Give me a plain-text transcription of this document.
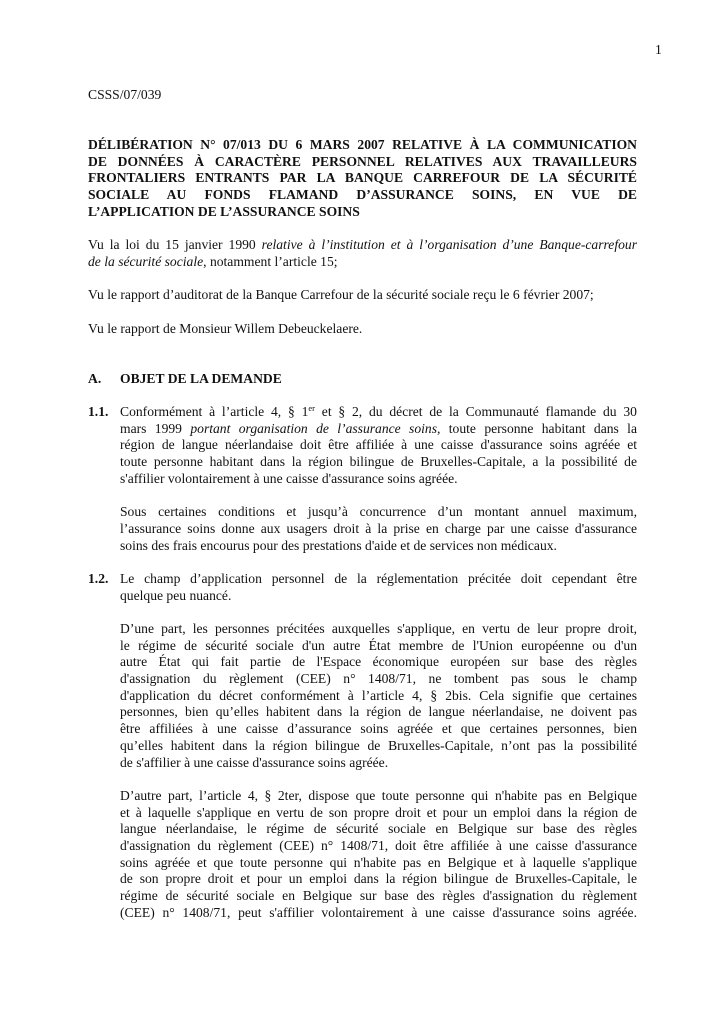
1
CSSS/07/039
DÉLIBÉRATION N° 07/013 DU 6 MARS 2007 RELATIVE À LA COMMUNICATION
DE DONNÉES À CARACTÈRE PERSONNEL RELATIVES AUX TRAVAILLEURS
FRONTALIERS ENTRANTS PAR LA BANQUE CARREFOUR DE LA SÉCURITÉ
SOCIALE AU FONDS FLAMAND D’ASSURANCE SOINS, EN VUE DE
L’APPLICATION DE L’ASSURANCE SOINS
Vu la loi du 15 janvier 1990 relative à l’institution et à l’organisation d’une Banque-carrefour
de la sécurité sociale, notamment l’article 15;
Vu le rapport d’auditorat de la Banque Carrefour de la sécurité sociale reçu le 6 février 2007;
Vu le rapport de Monsieur Willem Debeuckelaere.
A. OBJET DE LA DEMANDE
1.1. Conformément à l’article 4, § 1er et § 2, du décret de la Communauté flamande du 30
mars 1999 portant organisation de l’assurance soins, toute personne habitant dans la
région de langue néerlandaise doit être affiliée à une caisse d'assurance soins agréée et
toute personne habitant dans la région bilingue de Bruxelles-Capitale, a la possibilité de
s'affilier volontairement à une caisse d'assurance soins agréée.
Sous certaines conditions et jusqu’à concurrence d’un montant annuel maximum,
l’assurance soins donne aux usagers droit à la prise en charge par une caisse d'assurance
soins des frais encourus pour des prestations d'aide et de services non médicaux.
1.2. Le champ d’application personnel de la réglementation précitée doit cependant être
quelque peu nuancé.
D’une part, les personnes précitées auxquelles s'applique, en vertu de leur propre droit,
le régime de sécurité sociale d'un autre État membre de l'Union européenne ou d'un
autre État qui fait partie de l'Espace économique européen sur base des règles
d'assignation du règlement (CEE) n° 1408/71, ne tombent pas sous le champ
d'application du décret conformément à l’article 4, § 2bis. Cela signifie que certaines
personnes, bien qu’elles habitent dans la région de langue néerlandaise, ne doivent pas
être affiliées à une caisse d’assurance soins agréée et que certaines personnes, bien
qu’elles habitent dans la région bilingue de Bruxelles-Capitale, n’ont pas la possibilité
de s'affilier à une caisse d'assurance soins agréée.
D’autre part, l’article 4, § 2ter, dispose que toute personne qui n'habite pas en Belgique
et à laquelle s'applique en vertu de son propre droit et pour un emploi dans la région de
langue néerlandaise, le régime de sécurité sociale en Belgique sur base des règles
d'assignation du règlement (CEE) n° 1408/71, doit être affiliée à une caisse d'assurance
soins agréée et que toute personne qui n'habite pas en Belgique et à laquelle s'applique
de son propre droit et pour un emploi dans la région bilingue de Bruxelles-Capitale, le
régime de sécurité sociale en Belgique sur base des règles d'assignation du règlement
(CEE) n° 1408/71, peut s'affilier volontairement à une caisse d'assurance soins agréée.
